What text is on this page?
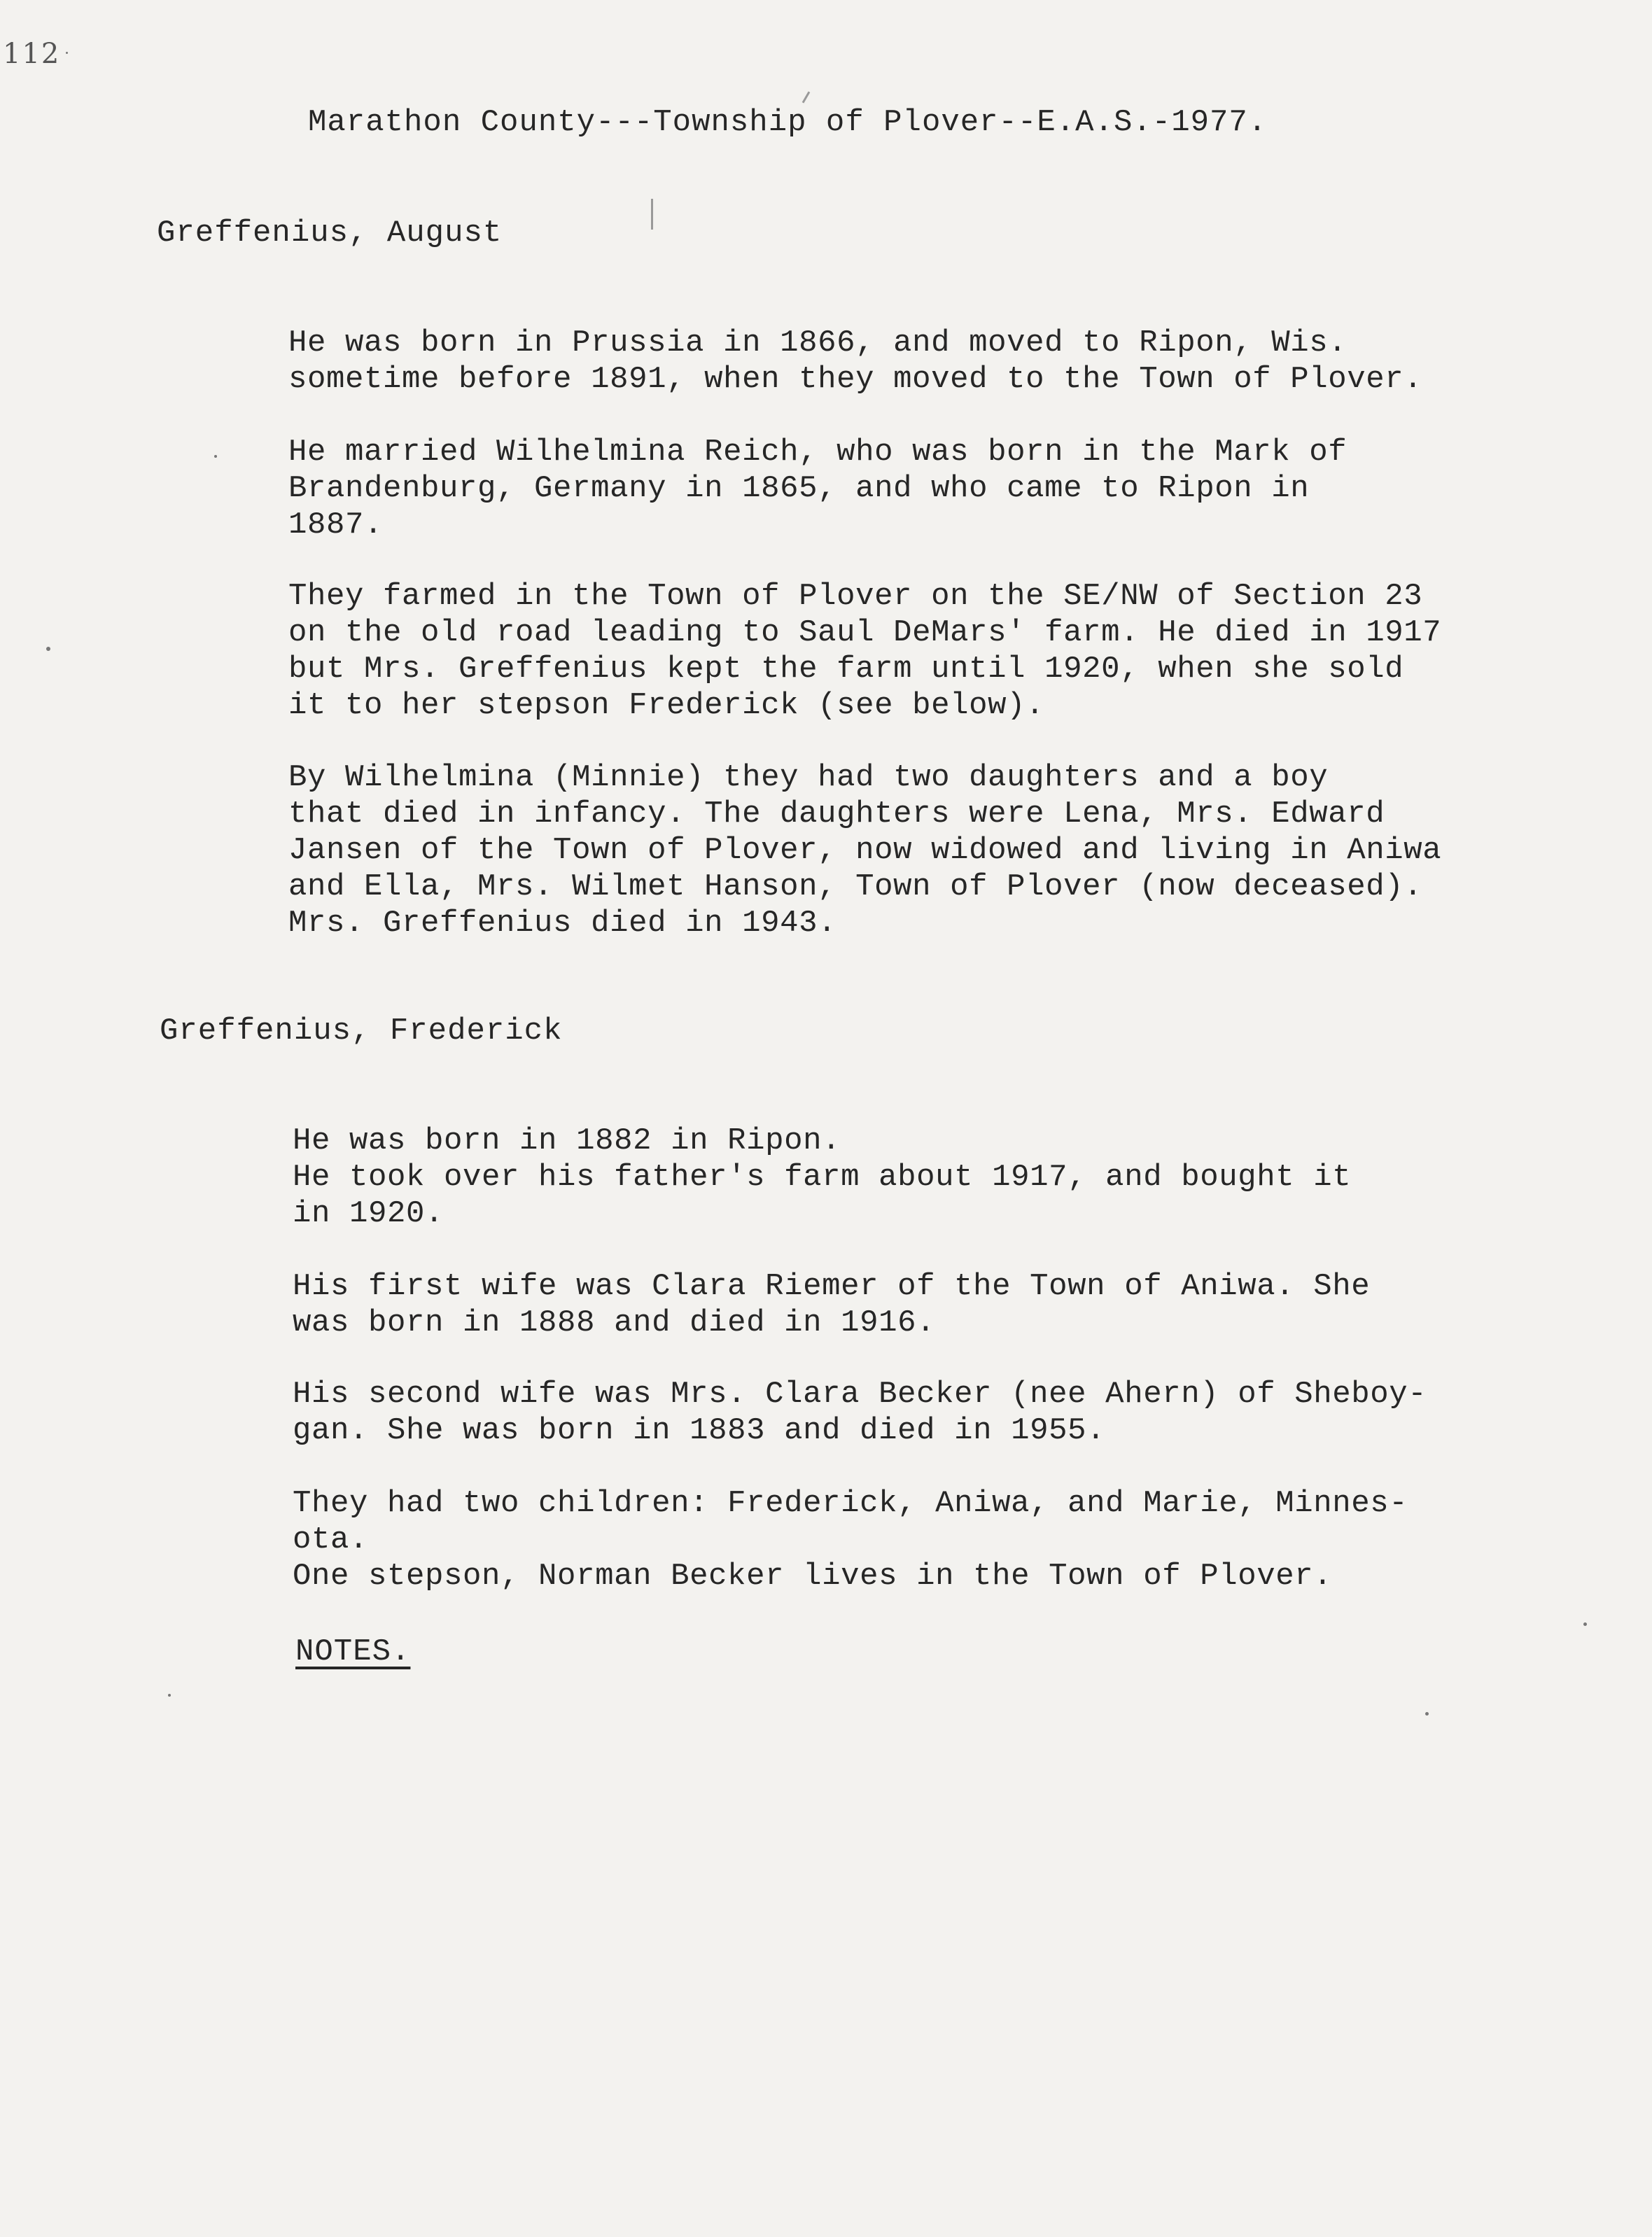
112
Marathon County---Township of Plover--E.A.S.-1977.
Greffenius, August
He was born in Prussia in 1866, and moved to Ripon, Wis.
sometime before 1891, when they moved to the Town of Plover.
He married Wilhelmina Reich, who was born in the Mark of
Brandenburg, Germany in 1865, and who came to Ripon in
1887.
They farmed in the Town of Plover on the SE/NW of Section 23
on the old road leading to Saul DeMars' farm. He died in 1917
but Mrs. Greffenius kept the farm until 1920, when she sold
it to her stepson Frederick (see below).
By Wilhelmina (Minnie) they had two daughters and a boy
that died in infancy. The daughters were Lena, Mrs. Edward
Jansen of the Town of Plover, now widowed and living in Aniwa
and Ella, Mrs. Wilmet Hanson, Town of Plover (now deceased).
Mrs. Greffenius died in 1943.
Greffenius, Frederick
He was born in 1882 in Ripon.
He took over his father's farm about 1917, and bought it
in 1920.
His first wife was Clara Riemer of the Town of Aniwa. She
was born in 1888 and died in 1916.
His second wife was Mrs. Clara Becker (nee Ahern) of Sheboy-
gan. She was born in 1883 and died in 1955.
They had two children: Frederick, Aniwa, and Marie, Minnes-
ota.
One stepson, Norman Becker lives in the Town of Plover.
NOTES.
